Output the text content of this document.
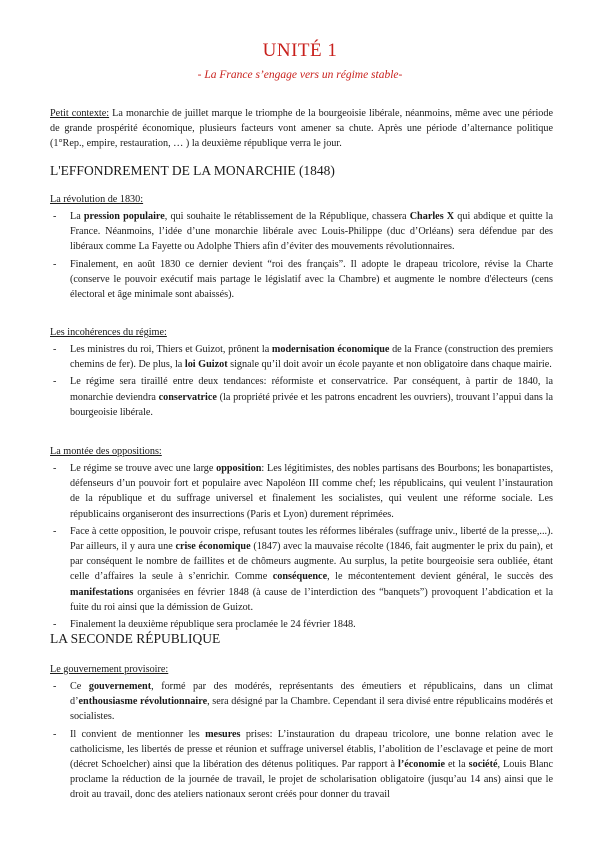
UNITÉ 1
- La France s’engage vers un régime stable-

Petit contexte: La monarchie de juillet marque le triomphe de la bourgeoisie libérale, néanmoins, même avec une période de grande prospérité économique, plusieurs facteurs vont amener sa chute. Après une période d’alternance politique (1°Rep., empire, restauration, … ) la deuxième république verra le jour.

L'EFFONDREMENT DE LA MONARCHIE (1848)
La révolution de 1830:
- La pression populaire, qui souhaite le rétablissement de la République, chassera Charles X qui abdique et quitte la France. Néanmoins, l’idée d’une monarchie libérale avec Louis-Philippe (duc d’Orléans) sera défendue par des libéraux comme La Fayette ou Adolphe Thiers afin d’éviter des mouvements révolutionnaires.
- Finalement, en août 1830 ce dernier devient “roi des français”. Il adopte le drapeau tricolore, révise la Charte (conserve le pouvoir exécutif mais partage le législatif avec la Chambre) et augmente le nombre d'électeurs (cens électoral et âge minimale sont abaissés).
Les incohérences du régime:
- Les ministres du roi, Thiers et Guizot, prônent la modernisation économique de la France (construction des premiers chemins de fer). De plus, la loi Guizot signale qu’il doit avoir un école payante et non obligatoire dans chaque mairie.
- Le régime sera tiraillé entre deux tendances: réformiste et conservatrice. Par conséquent, à partir de 1840, la monarchie deviendra conservatrice (la propriété privée et les patrons encadrent les ouvriers), trouvant l’appui dans la bourgeoisie libérale.
La montée des oppositions:
- Le régime se trouve avec une large opposition: Les légitimistes, des nobles partisans des Bourbons; les bonapartistes, défenseurs d’un pouvoir fort et populaire avec Napoléon III comme chef; les républicains, qui veulent l’instauration de la république et du suffrage universel et finalement les socialistes, qui veulent une réforme sociale. Les républicains organiseront des insurrections (Paris et Lyon) durement réprimées.
- Face à cette opposition, le pouvoir crispe, refusant toutes les réformes libérales (suffrage univ., liberté de la presse,...). Par ailleurs, il y aura une crise économique (1847) avec la mauvaise récolte (1846, fait augmenter le prix du pain), et par conséquent le nombre de faillites et de chômeurs augmente. Au surplus, la petite bourgeoisie sera oubliée, étant celle d’affaires la seule à s’enrichir. Comme conséquence, le mécontentement devient général, le succès des manifestations organisées en février 1848 (à cause de l’interdiction des “banquets”) provoquent l’abdication et la fuite du roi ainsi que la démission de Guizot.
- Finalement la deuxième république sera proclamée le 24 février 1848.
LA SECONDE RÉPUBLIQUE
Le gouvernement provisoire:
- Ce gouvernement, formé par des modérés, représentants des émeutiers et républicains, dans un climat d’enthousiasme révolutionnaire, sera désigné par la Chambre. Cependant il sera divisé entre républicains modérés et socialistes.
- Il convient de mentionner les mesures prises: L’instauration du drapeau tricolore, une bonne relation avec le catholicisme, les libertés de presse et réunion et suffrage universel établis, l’abolition de l’esclavage et peine de mort (décret Schoelcher) ainsi que la libération des détenus politiques. Par rapport à l’économie et la société, Louis Blanc proclame la réduction de la journée de travail, le projet de scholarisation obligatoire (jusqu’au 14 ans) ainsi que le droit au travail, donc des ateliers nationaux seront créés pour donner du travail
